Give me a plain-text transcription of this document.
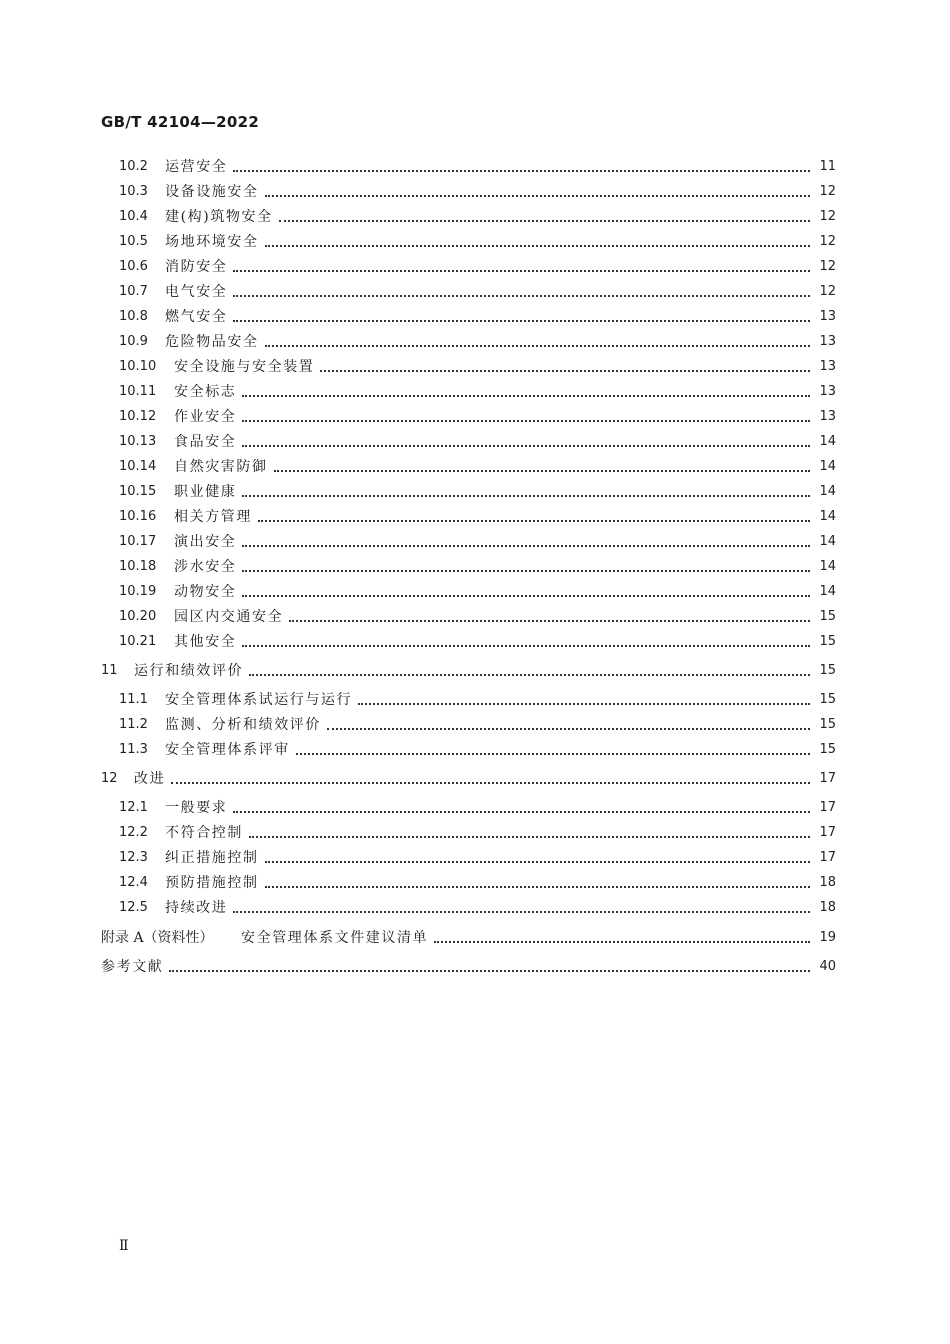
GB/T 42104—2022
10.2	运营安全	11
10.3	设备设施安全	12
10.4	建(构)筑物安全	12
10.5	场地环境安全	12
10.6	消防安全	12
10.7	电气安全	12
10.8	燃气安全	13
10.9	危险物品安全	13
10.10	安全设施与安全装置	13
10.11	安全标志	13
10.12	作业安全	13
10.13	食品安全	14
10.14	自然灾害防御	14
10.15	职业健康	14
10.16	相关方管理	14
10.17	演出安全	14
10.18	涉水安全	14
10.19	动物安全	14
10.20	园区内交通安全	15
10.21	其他安全	15
11	运行和绩效评价	15
11.1	安全管理体系试运行与运行	15
11.2	监测、分析和绩效评价	15
11.3	安全管理体系评审	15
12	改进	17
12.1	一般要求	17
12.2	不符合控制	17
12.3	纠正措施控制	17
12.4	预防措施控制	18
12.5	持续改进	18
附录 A（资料性）	安全管理体系文件建议清单	19
参考文献	40
Ⅱ
